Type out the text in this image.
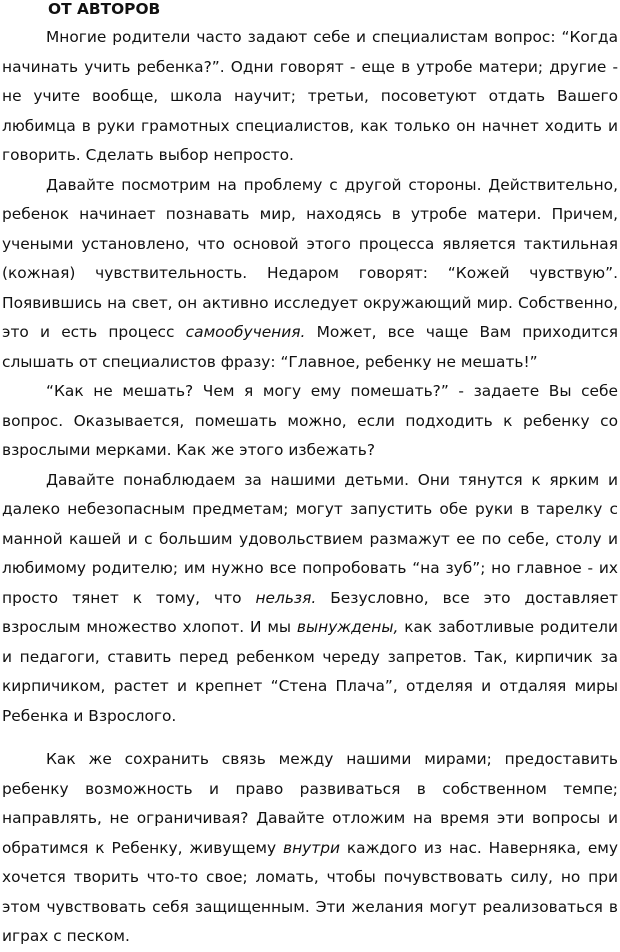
ОТ АВТОРОВ

Многие родители часто задают себе и специалистам вопрос: “Когда начинать учить ребенка?”. Одни говорят - еще в утробе матери; другие - не учите вообще, школа научит; третьи, посоветуют отдать Вашего любимца в руки грамотных специалистов, как только он начнет ходить и говорить. Сделать выбор непросто.

Давайте посмотрим на проблему с другой стороны. Действительно, ребенок начинает познавать мир, находясь в утробе матери. Причем, учеными установлено, что основой этого процесса является тактильная (кожная) чувствительность. Недаром говорят: “Кожей чувствую”. Появившись на свет, он активно исследует окружающий мир. Собственно, это и есть процесс самообучения. Может, все чаще Вам приходится слышать от специалистов фразу: “Главное, ребенку не мешать!”

“Как не мешать? Чем я могу ему помешать?” - задаете Вы себе вопрос. Оказывается, помешать можно, если подходить к ребенку со взрослыми мерками. Как же этого избежать?

Давайте понаблюдаем за нашими детьми. Они тянутся к ярким и далеко небезопасным предметам; могут запустить обе руки в тарелку с манной кашей и с большим удовольствием размажут ее по себе, столу и любимому родителю; им нужно все попробовать “на зуб”; но главное - их просто тянет к тому, что нельзя. Безусловно, все это доставляет взрослым множество хлопот. И мы вынуждены, как заботливые родители и педагоги, ставить перед ребенком череду запретов. Так, кирпичик за кирпичиком, растет и крепнет “Стена Плача”, отделяя и отдаляя миры Ребенка и Взрослого.

Как же сохранить связь между нашими мирами; предоставить ребенку возможность и право развиваться в собственном темпе; направлять, не ограничивая? Давайте отложим на время эти вопросы и обратимся к Ребенку, живущему внутри каждого из нас. Наверняка, ему хочется творить что-то свое; ломать, чтобы почувствовать силу, но при этом чувствовать себя защищенным. Эти желания могут реализоваться в играх с песком.
